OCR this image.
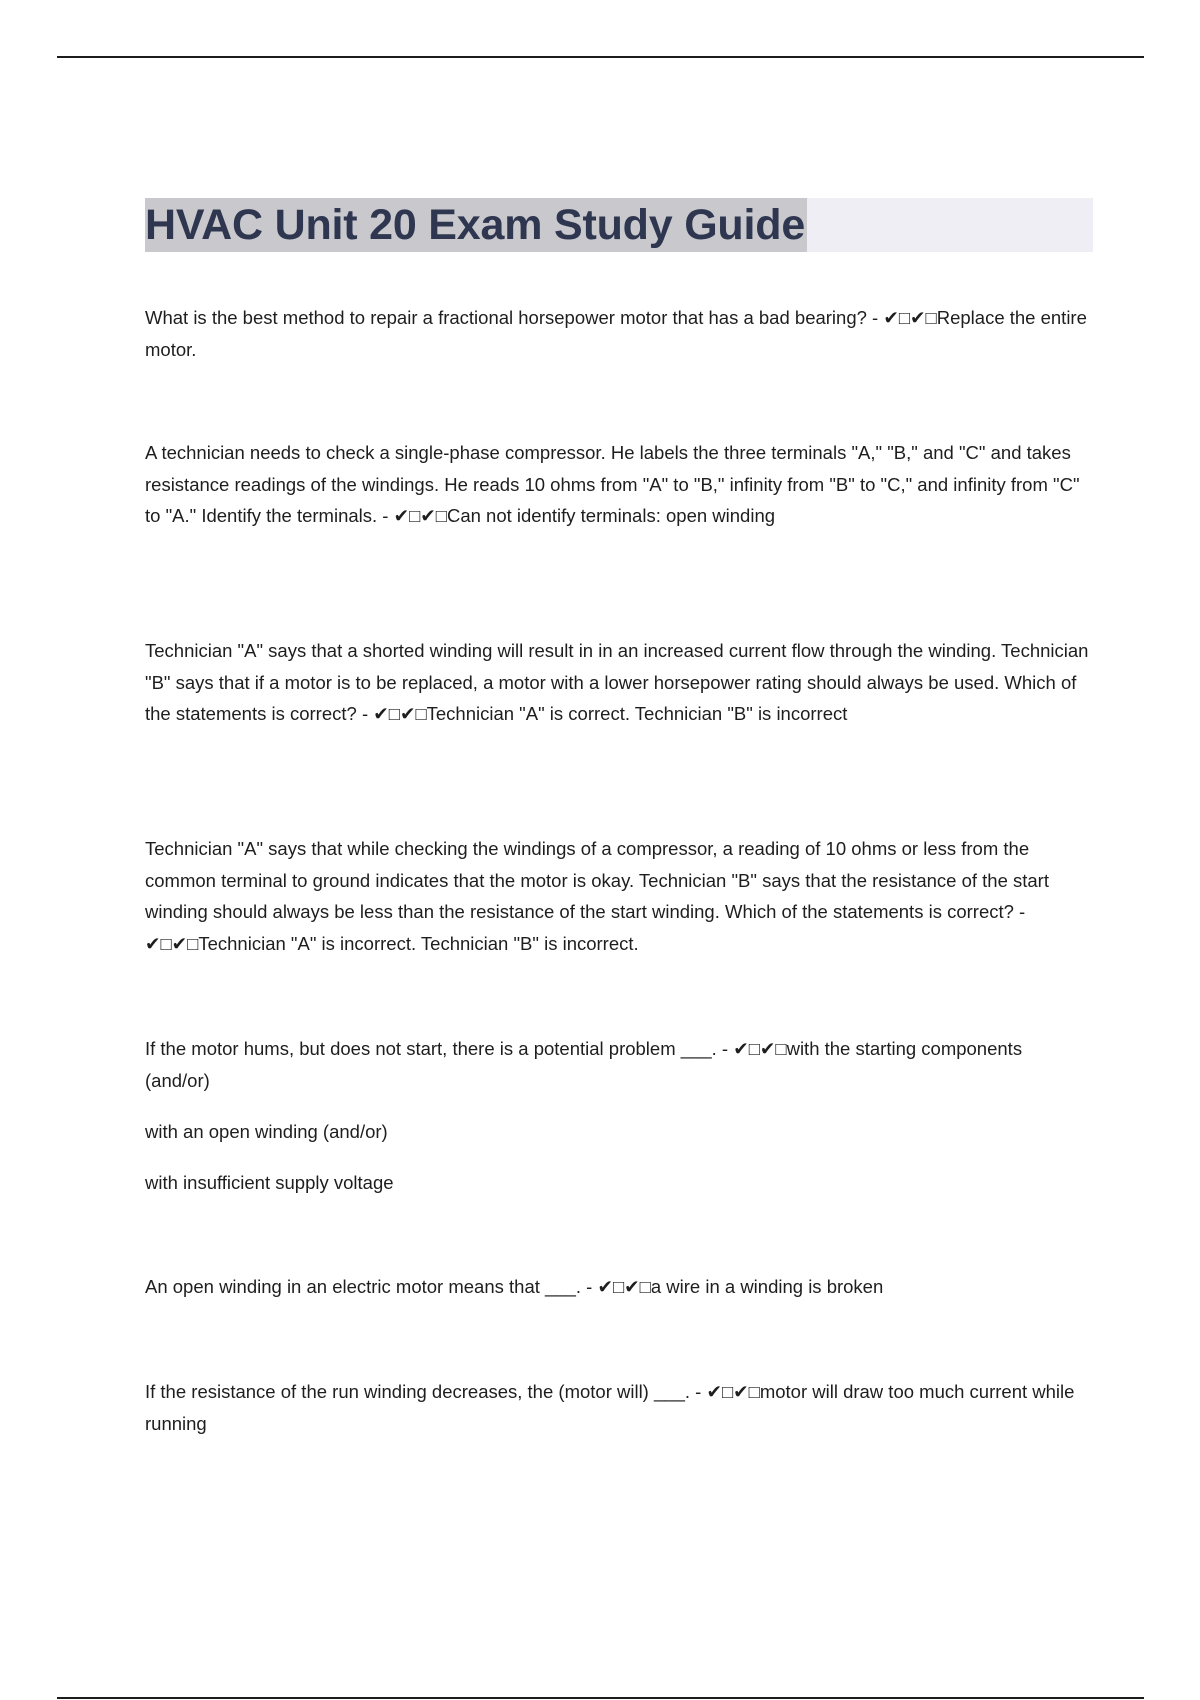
HVAC Unit 20 Exam Study Guide

What is the best method to repair a fractional horsepower motor that has a bad bearing? - ✔□✔□Replace the entire motor.

A technician needs to check a single-phase compressor. He labels the three terminals "A," "B," and "C" and takes resistance readings of the windings. He reads 10 ohms from "A" to "B," infinity from "B" to "C," and infinity from "C" to "A." Identify the terminals. - ✔□✔□Can not identify terminals: open winding

Technician "A" says that a shorted winding will result in in an increased current flow through the winding. Technician "B" says that if a motor is to be replaced, a motor with a lower horsepower rating should always be used. Which of the statements is correct? - ✔□✔□Technician "A" is correct. Technician "B" is incorrect

Technician "A" says that while checking the windings of a compressor, a reading of 10 ohms or less from the common terminal to ground indicates that the motor is okay. Technician "B" says that the resistance of the start winding should always be less than the resistance of the start winding. Which of the statements is correct? - ✔□✔□Technician "A" is incorrect. Technician "B" is incorrect.

If the motor hums, but does not start, there is a potential problem ___. - ✔□✔□with the starting components (and/or)

with an open winding (and/or)

with insufficient supply voltage

An open winding in an electric motor means that ___. - ✔□✔□a wire in a winding is broken

If the resistance of the run winding decreases, the (motor will) ___. - ✔□✔□motor will draw too much current while running
